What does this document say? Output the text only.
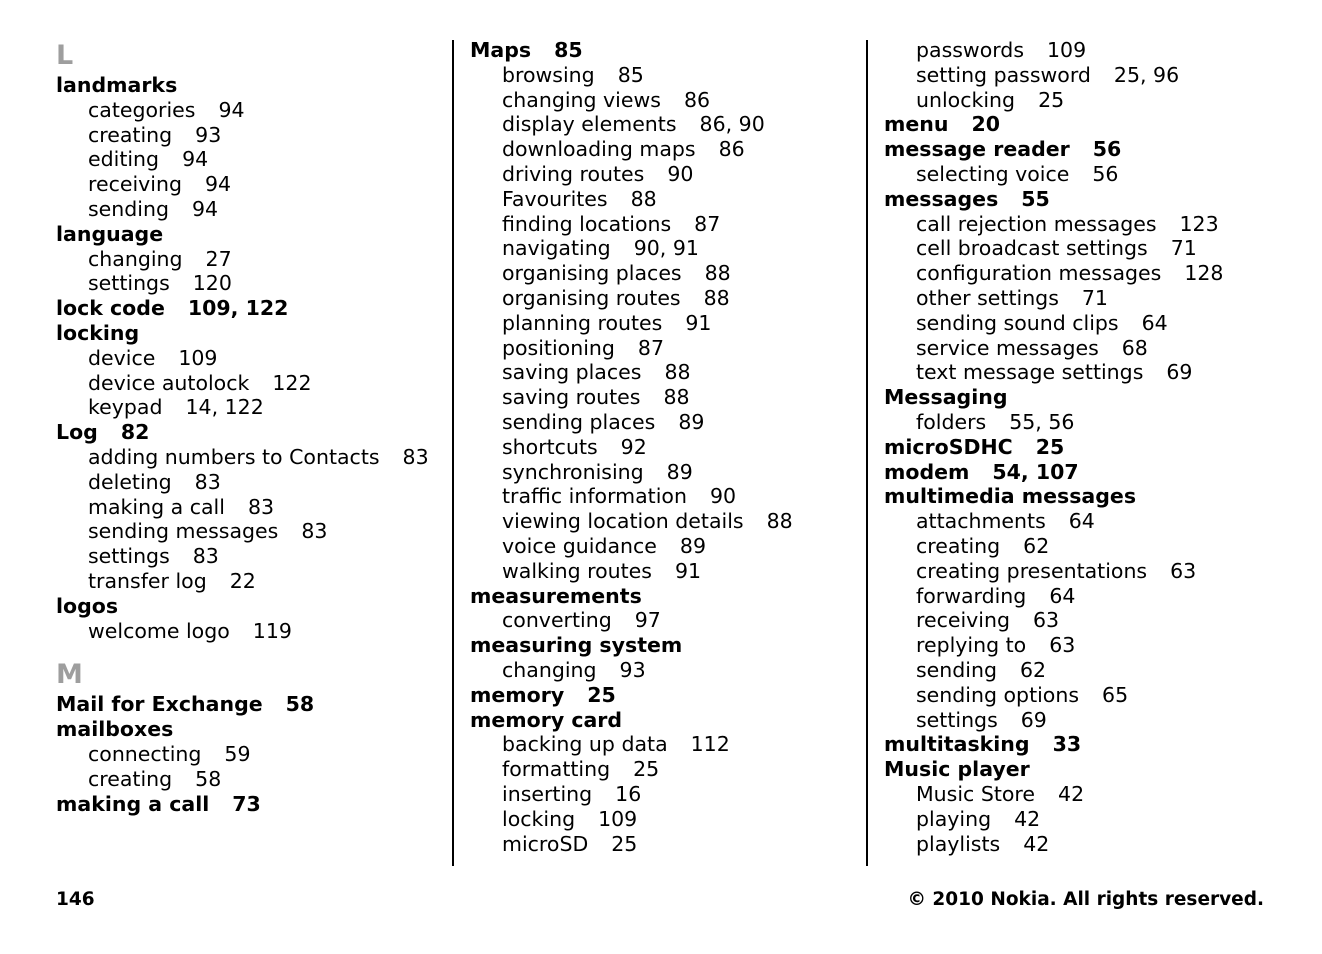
L
landmarks
categories 94
creating 93
editing 94
receiving 94
sending 94
language
changing 27
settings 120
lock code 109, 122
locking
device 109
device autolock 122
keypad 14, 122
Log 82
adding numbers to Contacts 83
deleting 83
making a call 83
sending messages 83
settings 83
transfer log 22
logos
welcome logo 119
M
Mail for Exchange 58
mailboxes
connecting 59
creating 58
making a call 73
Maps 85
browsing 85
changing views 86
display elements 86, 90
downloading maps 86
driving routes 90
Favourites 88
finding locations 87
navigating 90, 91
organising places 88
organising routes 88
planning routes 91
positioning 87
saving places 88
saving routes 88
sending places 89
shortcuts 92
synchronising 89
traffic information 90
viewing location details 88
voice guidance 89
walking routes 91
measurements
converting 97
measuring system
changing 93
memory 25
memory card
backing up data 112
formatting 25
inserting 16
locking 109
microSD 25
passwords 109
setting password 25, 96
unlocking 25
menu 20
message reader 56
selecting voice 56
messages 55
call rejection messages 123
cell broadcast settings 71
configuration messages 128
other settings 71
sending sound clips 64
service messages 68
text message settings 69
Messaging
folders 55, 56
microSDHC 25
modem 54, 107
multimedia messages
attachments 64
creating 62
creating presentations 63
forwarding 64
receiving 63
replying to 63
sending 62
sending options 65
settings 69
multitasking 33
Music player
Music Store 42
playing 42
playlists 42
146	© 2010 Nokia. All rights reserved.
